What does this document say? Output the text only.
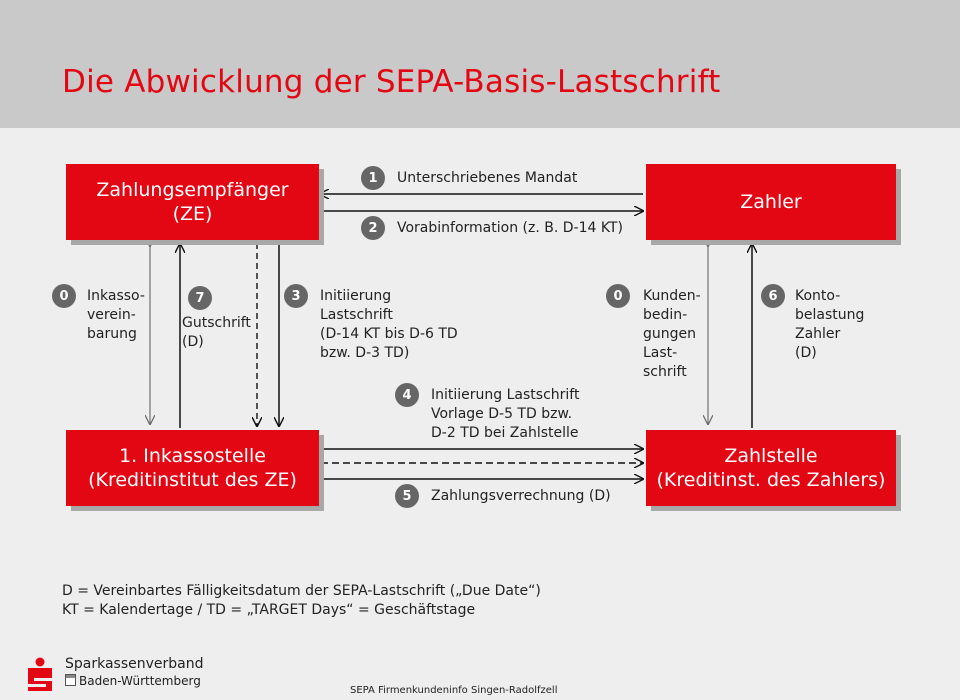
Die Abwicklung der SEPA-Basis-Lastschrift
Zahlungsempfänger
(ZE)
Zahler
1. Inkassostelle
(Kreditinstitut des ZE)
Zahlstelle
(Kreditinst. des Zahlers)
1	Unterschriebenes Mandat
2	Vorabinformation (z. B. D-14 KT)
0	Inkasso-
verein-
barung
7
Gutschrift
(D)
3	Initiierung
Lastschrift
(D-14 KT bis D-6 TD
bzw. D-3 TD)
0	Kunden-
bedin-
gungen
Last-
schrift
6	Konto-
belastung
Zahler
(D)
4	Initiierung Lastschrift
Vorlage D-5 TD bzw.
D-2 TD bei Zahlstelle
5	Zahlungsverrechnung (D)
D = Vereinbartes Fälligkeitsdatum der SEPA-Lastschrift („Due Date“)
KT = Kalendertage / TD = „TARGET Days“ = Geschäftstage
Sparkassenverband
Baden-Württemberg
SEPA Firmenkundeninfo Singen-Radolfzell
